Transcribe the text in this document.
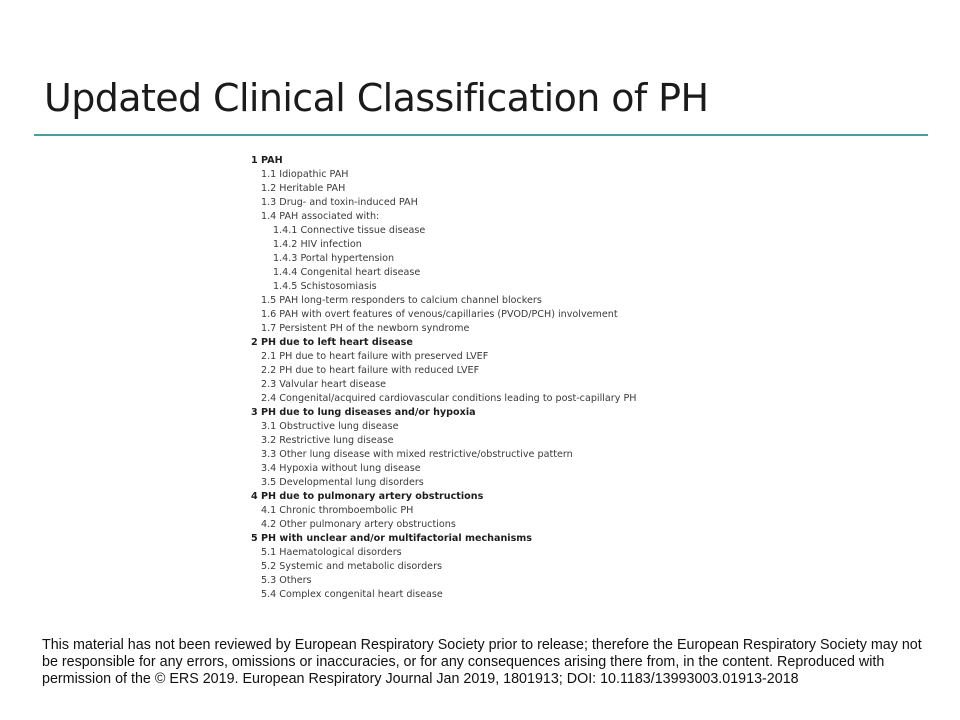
Updated Clinical Classification of PH
1 PAH
1.1 Idiopathic PAH
1.2 Heritable PAH
1.3 Drug- and toxin-induced PAH
1.4 PAH associated with:
1.4.1 Connective tissue disease
1.4.2 HIV infection
1.4.3 Portal hypertension
1.4.4 Congenital heart disease
1.4.5 Schistosomiasis
1.5 PAH long-term responders to calcium channel blockers
1.6 PAH with overt features of venous/capillaries (PVOD/PCH) involvement
1.7 Persistent PH of the newborn syndrome
2 PH due to left heart disease
2.1 PH due to heart failure with preserved LVEF
2.2 PH due to heart failure with reduced LVEF
2.3 Valvular heart disease
2.4 Congenital/acquired cardiovascular conditions leading to post-capillary PH
3 PH due to lung diseases and/or hypoxia
3.1 Obstructive lung disease
3.2 Restrictive lung disease
3.3 Other lung disease with mixed restrictive/obstructive pattern
3.4 Hypoxia without lung disease
3.5 Developmental lung disorders
4 PH due to pulmonary artery obstructions
4.1 Chronic thromboembolic PH
4.2 Other pulmonary artery obstructions
5 PH with unclear and/or multifactorial mechanisms
5.1 Haematological disorders
5.2 Systemic and metabolic disorders
5.3 Others
5.4 Complex congenital heart disease
This material has not been reviewed by European Respiratory Society prior to release; therefore the European Respiratory Society may not be responsible for any errors, omissions or inaccuracies, or for any consequences arising there from, in the content. Reproduced with permission of the © ERS 2019. European Respiratory Journal Jan 2019, 1801913; DOI: 10.1183/13993003.01913-2018
